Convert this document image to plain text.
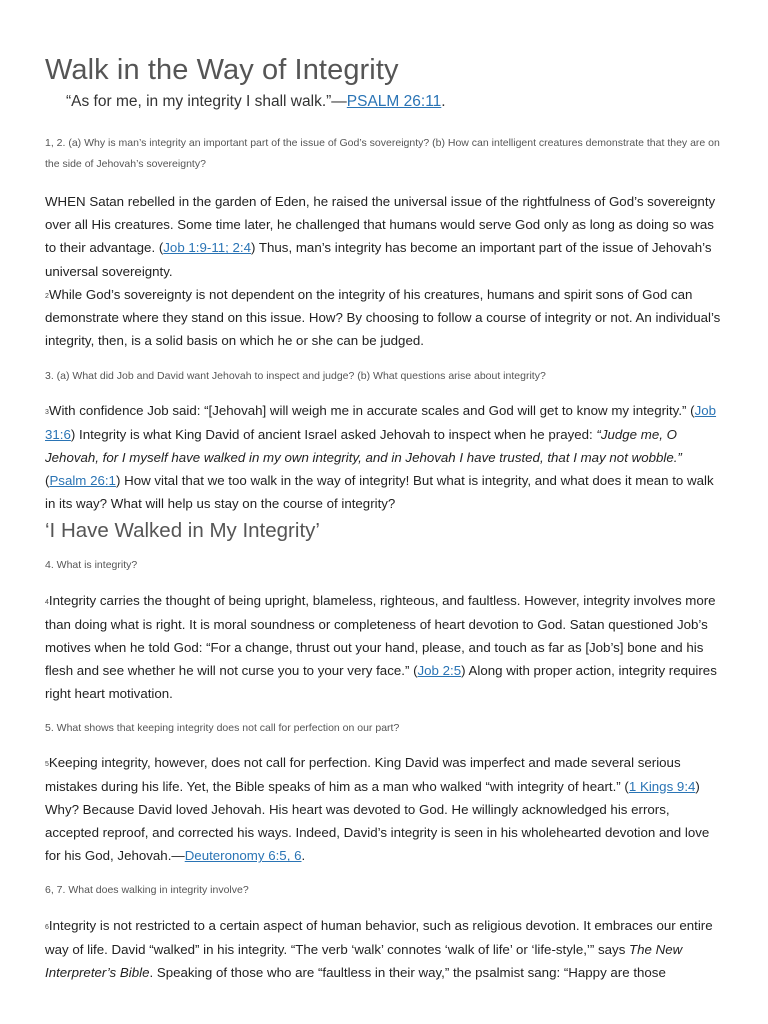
Walk in the Way of Integrity
“As for me, in my integrity I shall walk.”—PSALM 26:11.

1, 2. (a) Why is man’s integrity an important part of the issue of God’s sovereignty? (b) How can intelligent creatures demonstrate that they are on the side of Jehovah’s sovereignty?

WHEN Satan rebelled in the garden of Eden, he raised the universal issue of the rightfulness of God’s sovereignty over all His creatures. Some time later, he challenged that humans would serve God only as long as doing so was to their advantage. (Job 1:9-11; 2:4) Thus, man’s integrity has become an important part of the issue of Jehovah’s universal sovereignty.

$^2$While God’s sovereignty is not dependent on the integrity of his creatures, humans and spirit sons of God can demonstrate where they stand on this issue. How? By choosing to follow a course of integrity or not. An individual’s integrity, then, is a solid basis on which he or she can be judged.

3. (a) What did Job and David want Jehovah to inspect and judge? (b) What questions arise about integrity?

$^3$With confidence Job said: “[Jehovah] will weigh me in accurate scales and God will get to know my integrity.” (Job 31:6) Integrity is what King David of ancient Israel asked Jehovah to inspect when he prayed: “Judge me, O Jehovah, for I myself have walked in my own integrity, and in Jehovah I have trusted, that I may not wobble.” (Psalm 26:1) How vital that we too walk in the way of integrity! But what is integrity, and what does it mean to walk in its way? What will help us stay on the course of integrity?

‘I Have Walked in My Integrity’

4. What is integrity?

$^4$Integrity carries the thought of being upright, blameless, righteous, and faultless. However, integrity involves more than doing what is right. It is moral soundness or completeness of heart devotion to God. Satan questioned Job’s motives when he told God: “For a change, thrust out your hand, please, and touch as far as [Job’s] bone and his flesh and see whether he will not curse you to your very face.” (Job 2:5) Along with proper action, integrity requires right heart motivation.

5. What shows that keeping integrity does not call for perfection on our part?

$^5$Keeping integrity, however, does not call for perfection. King David was imperfect and made several serious mistakes during his life. Yet, the Bible speaks of him as a man who walked “with integrity of heart.” (1 Kings 9:4) Why? Because David loved Jehovah. His heart was devoted to God. He willingly acknowledged his errors, accepted reproof, and corrected his ways. Indeed, David’s integrity is seen in his wholehearted devotion and love for his God, Jehovah.—Deuteronomy 6:5, 6.

6, 7. What does walking in integrity involve?

$^6$Integrity is not restricted to a certain aspect of human behavior, such as religious devotion. It embraces our entire way of life. David “walked” in his integrity. “The verb ‘walk’ connotes ‘walk of life’ or ‘life-style,’” says The New Interpreter’s Bible. Speaking of those who are “faultless in their way,” the psalmist sang: “Happy are those
